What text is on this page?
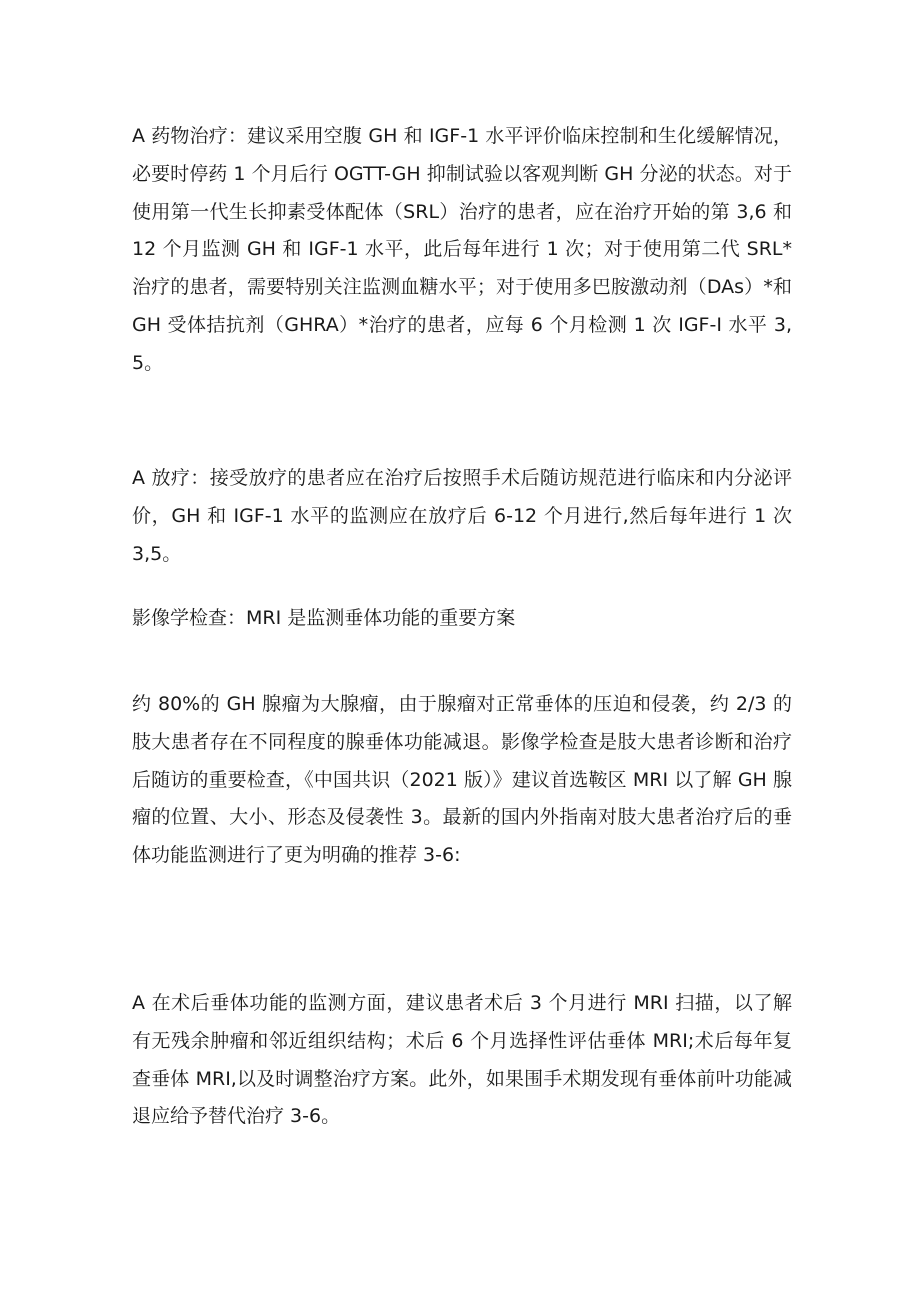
A 药物治疗：建议采用空腹 GH 和 IGF-1 水平评价临床控制和生化缓解情况，必要时停药 1 个月后行 OGTT-GH 抑制试验以客观判断 GH 分泌的状态。对于使用第一代生长抑素受体配体（SRL）治疗的患者，应在治疗开始的第 3,6 和 12 个月监测 GH 和 IGF-1 水平，此后每年进行 1 次；对于使用第二代 SRL*治疗的患者，需要特别关注监测血糖水平；对于使用多巴胺激动剂（DAs）*和 GH 受体拮抗剂（GHRA）*治疗的患者，应每 6 个月检测 1 次 IGF-I 水平 3,5。

A 放疗：接受放疗的患者应在治疗后按照手术后随访规范进行临床和内分泌评价，GH 和 IGF-1 水平的监测应在放疗后 6-12 个月进行,然后每年进行 1 次 3,5。

影像学检查：MRI 是监测垂体功能的重要方案

约 80%的 GH 腺瘤为大腺瘤，由于腺瘤对正常垂体的压迫和侵袭，约 2/3 的肢大患者存在不同程度的腺垂体功能减退。影像学检查是肢大患者诊断和治疗后随访的重要检查，《中国共识（2021 版）》建议首选鞍区 MRI 以了解 GH 腺瘤的位置、大小、形态及侵袭性 3。最新的国内外指南对肢大患者治疗后的垂体功能监测进行了更为明确的推荐 3-6:

A 在术后垂体功能的监测方面，建议患者术后 3 个月进行 MRI 扫描，以了解有无残余肿瘤和邻近组织结构；术后 6 个月选择性评估垂体 MRI;术后每年复查垂体 MRI,以及时调整治疗方案。此外，如果围手术期发现有垂体前叶功能减退应给予替代治疗 3-6。
